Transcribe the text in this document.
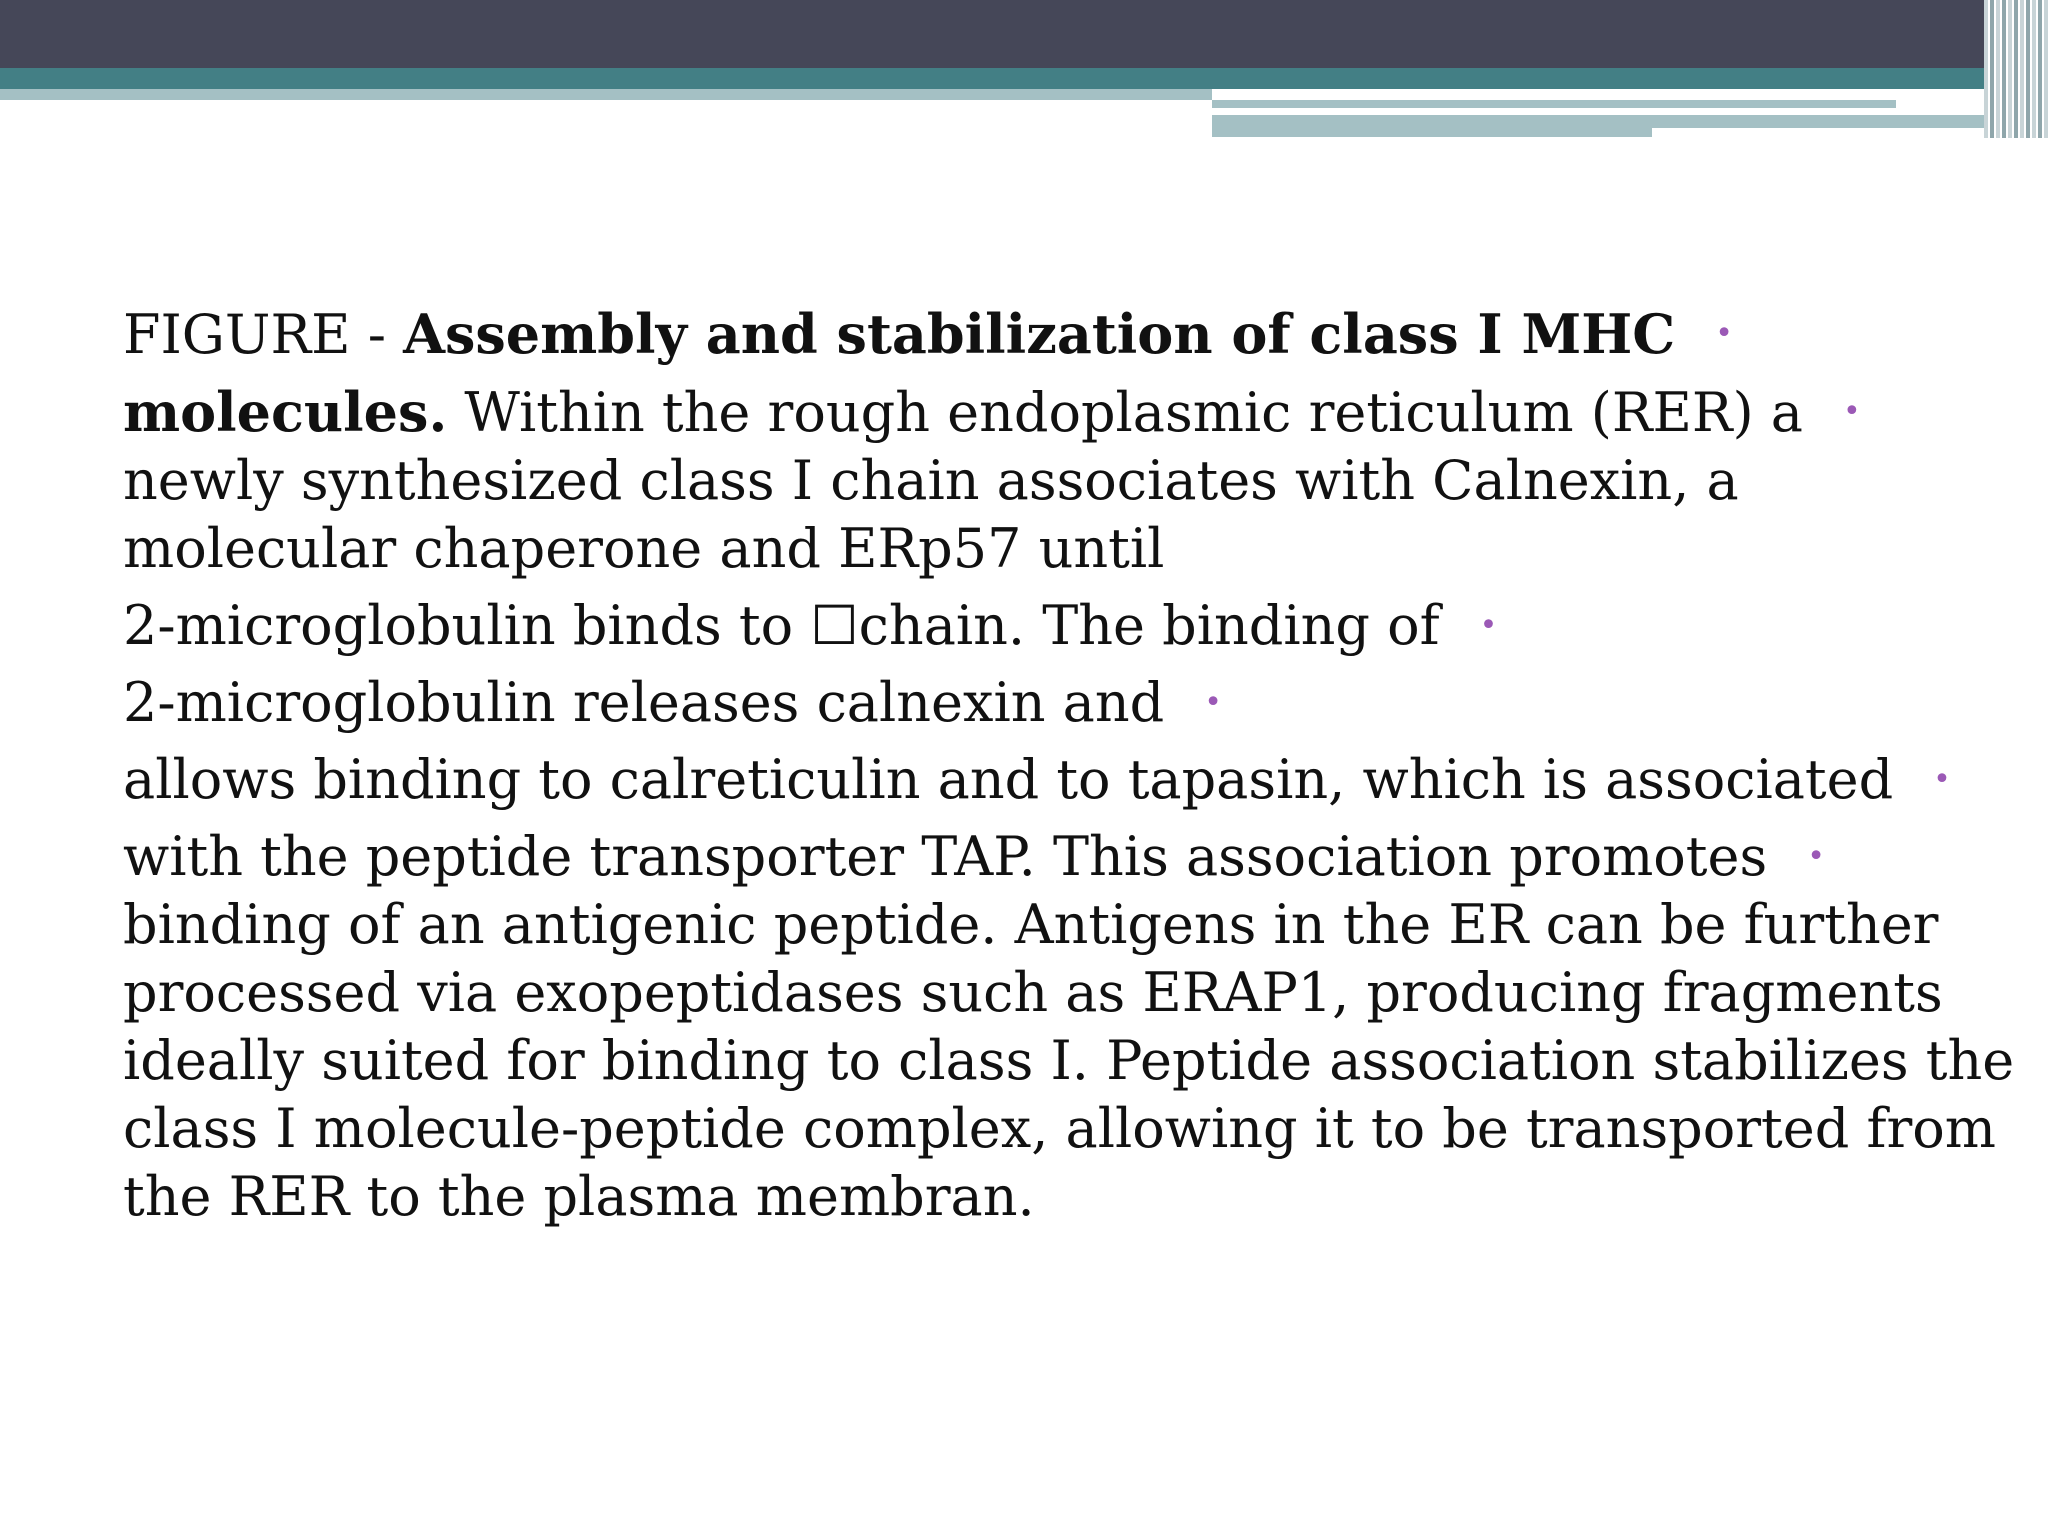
FIGURE - Assembly and stabilization of class I MHC •
molecules. Within the rough endoplasmic reticulum (RER) a •
newly synthesized class I chain associates with Calnexin, a
molecular chaperone and ERp57 until
2-microglobulin binds to ☐chain. The binding of •
2-microglobulin releases calnexin and •
allows binding to calreticulin and to tapasin, which is associated •
with the peptide transporter TAP. This association promotes •
binding of an antigenic peptide. Antigens in the ER can be further
processed via exopeptidases such as ERAP1, producing fragments
ideally suited for binding to class I. Peptide association stabilizes the
class I molecule-peptide complex, allowing it to be transported from
the RER to the plasma membran.
